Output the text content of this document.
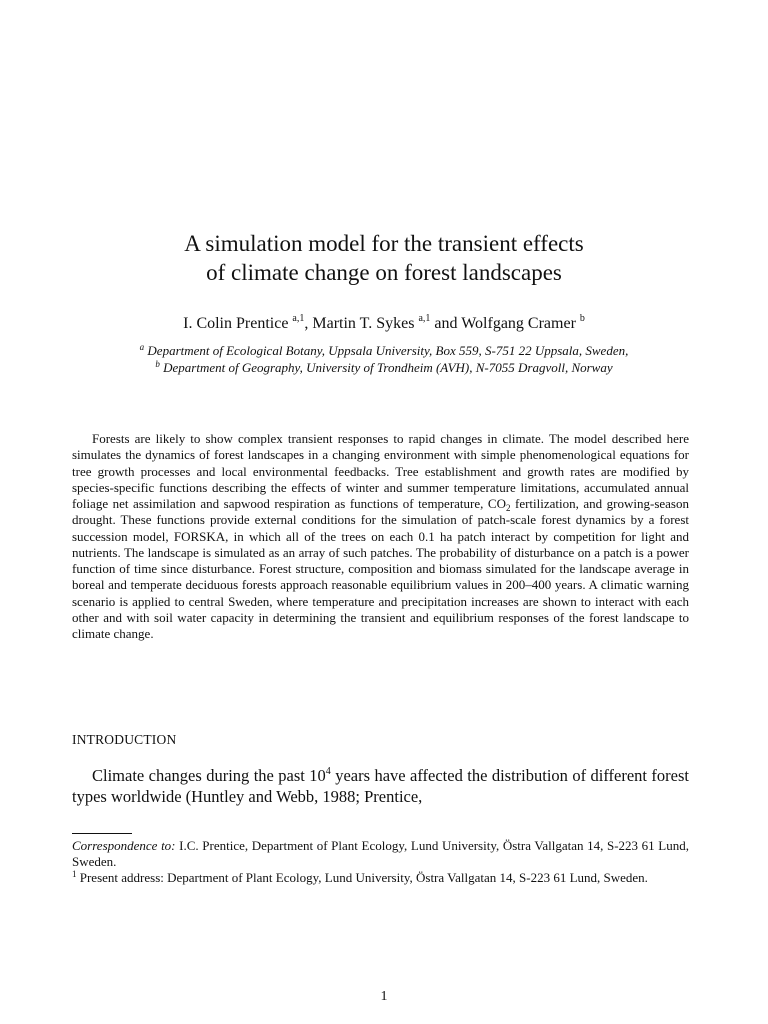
A simulation model for the transient effects
of climate change on forest landscapes
I. Colin Prentice $^{a,1}$, Martin T. Sykes $^{a,1}$ and Wolfgang Cramer $^b$
$^a$ Department of Ecological Botany, Uppsala University, Box 559, S-751 22 Uppsala, Sweden,
$^b$ Department of Geography, University of Trondheim (AVH), N-7055 Dragvoll, Norway

Forests are likely to show complex transient responses to rapid changes in climate. The model described here simulates the dynamics of forest landscapes in a changing environment with simple phenomenological equations for tree growth processes and local environmental feedbacks. Tree establishment and growth rates are modified by species-specific functions describing the effects of winter and summer temperature limitations, accumulated annual foliage net assimilation and sapwood respiration as functions of temperature, $CO_2$ fertilization, and growing-season drought. These functions provide external conditions for the simulation of patch-scale forest dynamics by a forest succession model, FORSKA, in which all of the trees on each 0.1 ha patch interact by competition for light and nutrients. The landscape is simulated as an array of such patches. The probability of disturbance on a patch is a power function of time since disturbance. Forest structure, composition and biomass simulated for the landscape average in boreal and temperate deciduous forests approach reasonable equilibrium values in 200–400 years. A climatic warning scenario is applied to central Sweden, where temperature and precipitation increases are shown to interact with each other and with soil water capacity in determining the transient and equilibrium responses of the forest landscape to climate change.

INTRODUCTION

Climate changes during the past $10^4$ years have affected the distribution of different forest types worldwide (Huntley and Webb, 1988; Prentice,

Correspondence to: I.C. Prentice, Department of Plant Ecology, Lund University, Östra Vallgatan 14, S-223 61 Lund, Sweden.

$^1$ Present address: Department of Plant Ecology, Lund University, Östra Vallgatan 14, S-223 61 Lund, Sweden.

1
